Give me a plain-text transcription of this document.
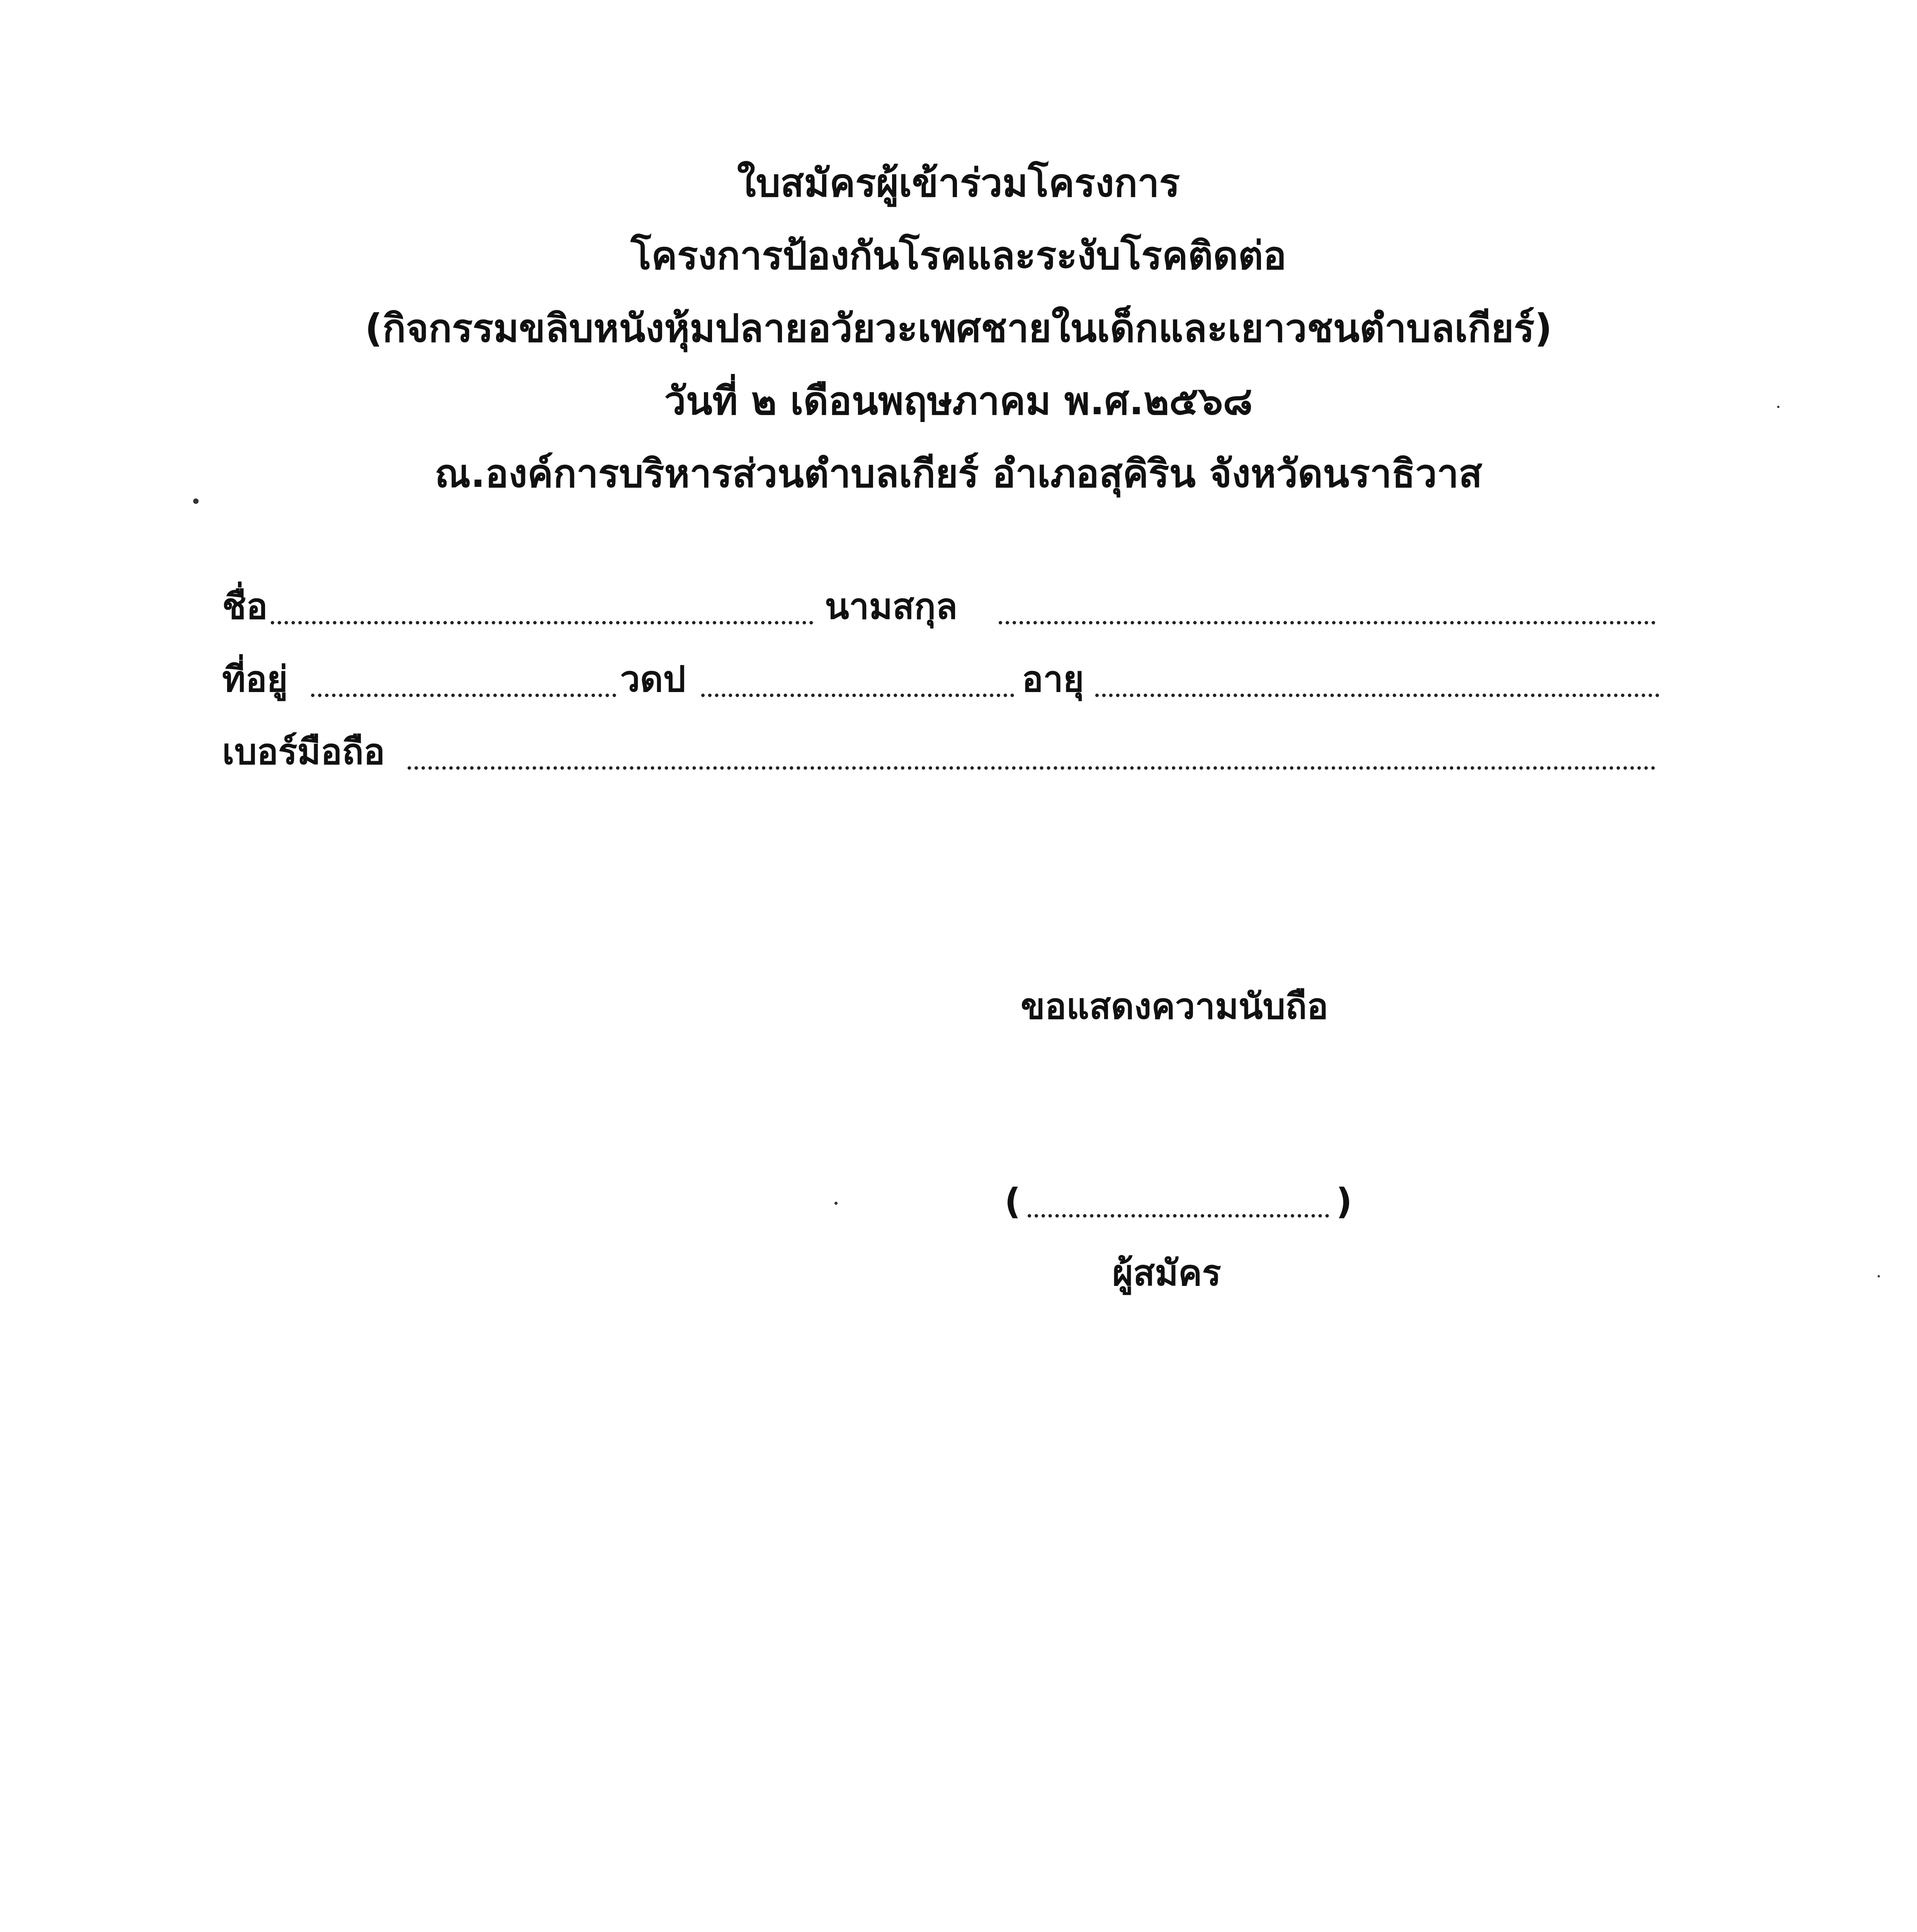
ใบสมัครผู้เข้าร่วมโครงการ
โครงการป้องกันโรคและระงับโรคติดต่อ
(กิจกรรมขลิบหนังหุ้มปลายอวัยวะเพศชายในเด็กและเยาวชนตำบลเกียร์)
วันที่ ๒ เดือนพฤษภาคม พ.ศ.๒๕๖๘
ณ.องค์การบริหารส่วนตำบลเกียร์ อำเภอสุคิริน จังหวัดนราธิวาส
ชื่อ	นามสกุล
ที่อยู่	วดป	อายุ
เบอร์มือถือ
ขอแสดงความนับถือ
(	)
ผู้สมัคร
